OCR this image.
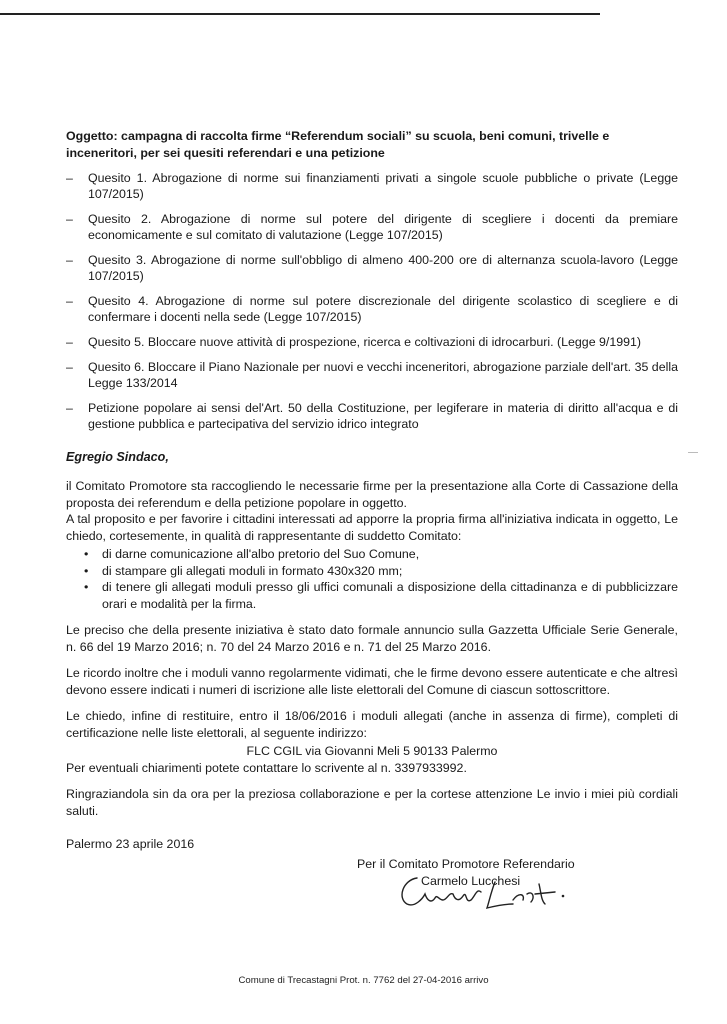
Oggetto: campagna di raccolta firme “Referendum sociali” su scuola, beni comuni, trivelle e inceneritori, per sei quesiti referendari e una petizione
–	Quesito 1. Abrogazione di norme sui finanziamenti privati a singole scuole pubbliche o private (Legge 107/2015)
–	Quesito 2. Abrogazione di norme sul potere del dirigente di scegliere i docenti da premiare economicamente e sul comitato di valutazione (Legge 107/2015)
–	Quesito 3. Abrogazione di norme sull'obbligo di almeno 400-200 ore di alternanza scuola-lavoro (Legge 107/2015)
–	Quesito 4. Abrogazione di norme sul potere discrezionale del dirigente scolastico di scegliere e di confermare i docenti nella sede (Legge 107/2015)
–	Quesito 5. Bloccare nuove attività di prospezione, ricerca e coltivazioni di idrocarburi. (Legge 9/1991)
–	Quesito 6. Bloccare il Piano Nazionale per nuovi e vecchi inceneritori, abrogazione parziale dell'art. 35 della Legge 133/2014
–	Petizione popolare ai sensi del'Art. 50 della Costituzione, per legiferare in materia di diritto all'acqua e di gestione pubblica e partecipativa del servizio idrico integrato
Egregio Sindaco,

il Comitato Promotore sta raccogliendo le necessarie firme per la presentazione alla Corte di Cassazione della proposta dei referendum e della petizione popolare in oggetto.

A tal proposito e per favorire i cittadini interessati ad apporre la propria firma all'iniziativa indicata in oggetto, Le chiedo, cortesemente, in qualità di rappresentante di suddetto Comitato:

• di darne comunicazione all'albo pretorio del Suo Comune,
• di stampare gli allegati moduli in formato 430x320 mm;
• di tenere gli allegati moduli presso gli uffici comunali a disposizione della cittadinanza e di pubblicizzare orari e modalità per la firma.

Le preciso che della presente iniziativa è stato dato formale annuncio sulla Gazzetta Ufficiale Serie Generale, n. 66 del 19 Marzo 2016; n. 70 del 24 Marzo 2016 e n. 71 del 25 Marzo 2016.

Le ricordo inoltre che i moduli vanno regolarmente vidimati, che le firme devono essere autenticate e che altresì devono essere indicati i numeri di iscrizione alle liste elettorali del Comune di ciascun sottoscrittore.

Le chiedo, infine di restituire, entro il 18/06/2016 i moduli allegati (anche in assenza di firme), completi di certificazione nelle liste elettorali, al seguente indirizzo:

FLC CGIL via Giovanni Meli 5 90133 Palermo

Per eventuali chiarimenti potete contattare lo scrivente al n. 3397933992.

Ringraziandola sin da ora per la preziosa collaborazione e per la cortese attenzione Le invio i miei più cordiali saluti.

Palermo 23 aprile 2016
Per il Comitato Promotore Referendario
Carmelo Lucchesi
Comune di Trecastagni Prot. n. 7762 del 27-04-2016 arrivo
